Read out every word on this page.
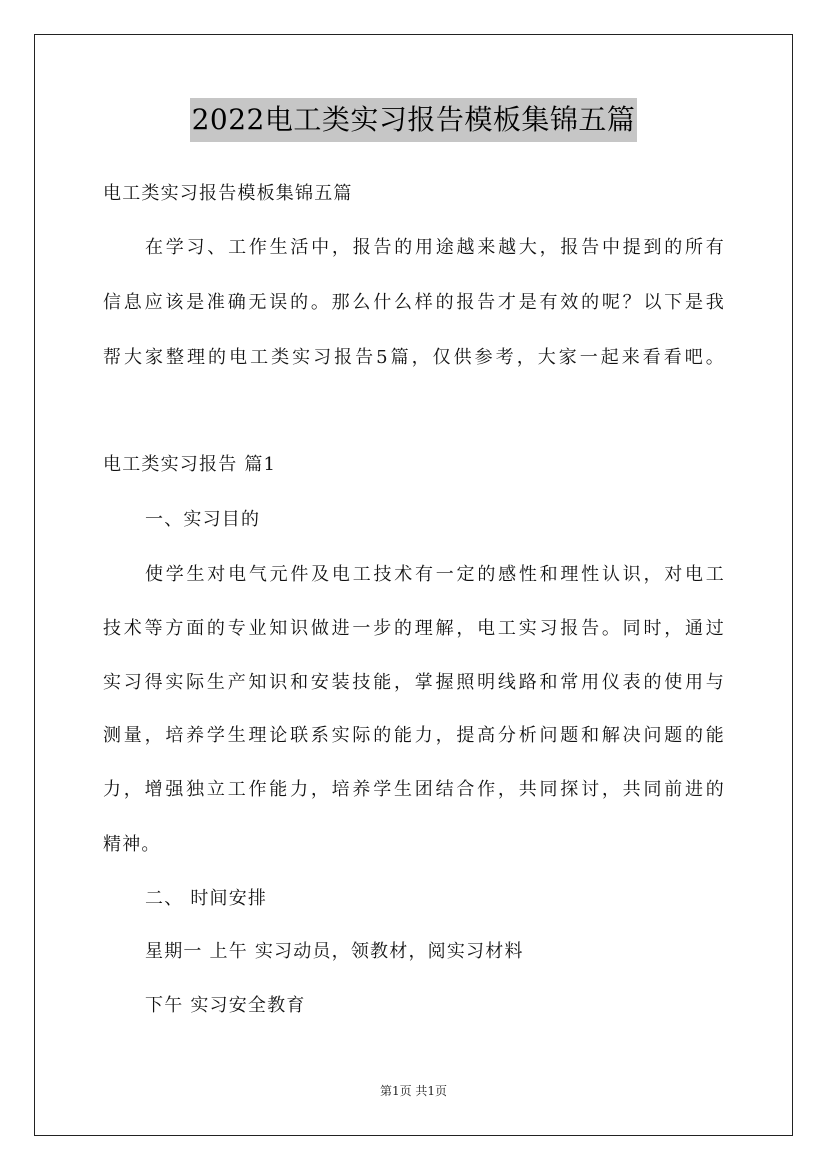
2022电工类实习报告模板集锦五篇
电工类实习报告模板集锦五篇
在学习、工作生活中，报告的用途越来越大，报告中提到的所有
信息应该是准确无误的。那么什么样的报告才是有效的呢？以下是我
帮大家整理的电工类实习报告5篇，仅供参考，大家一起来看看吧。
电工类实习报告 篇1
一、实习目的
使学生对电气元件及电工技术有一定的感性和理性认识，对电工
技术等方面的专业知识做进一步的理解，电工实习报告。同时，通过
实习得实际生产知识和安装技能，掌握照明线路和常用仪表的使用与
测量，培养学生理论联系实际的能力，提高分析问题和解决问题的能
力，增强独立工作能力，培养学生团结合作，共同探讨，共同前进的
精神。
二、 时间安排
星期一 上午 实习动员，领教材，阅实习材料
下午 实习安全教育
第1页 共1页
